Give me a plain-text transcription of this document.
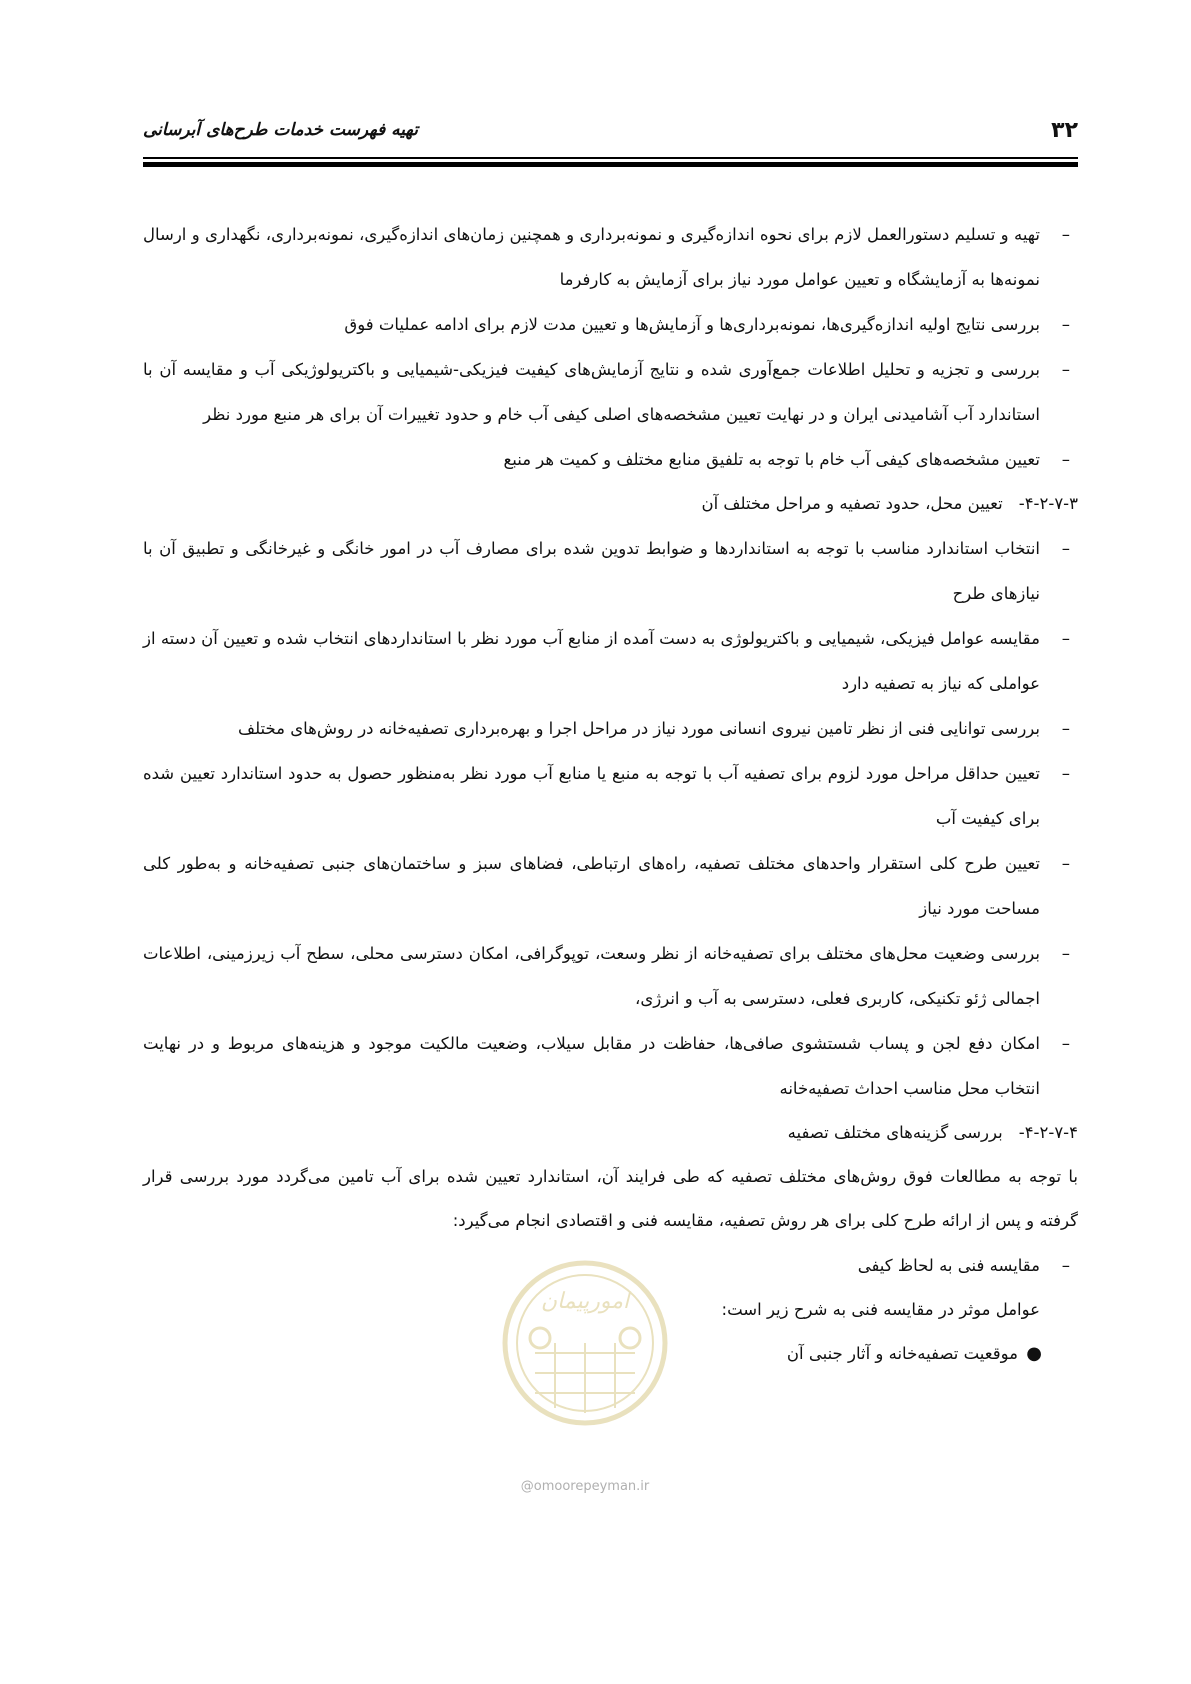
۳۲
تهیه فهرست خدمات طرح‌های آبرسانی
–
تهیه و تسلیم دستورالعمل لازم برای نحوه اندازه‌گیری و نمونه‌برداری و همچنین زمان‌های اندازه‌گیری، نمونه‌برداری، نگهداری و ارسال نمونه‌ها به آزمایشگاه و تعیین عوامل مورد نیاز برای آزمایش به کارفرما
–
بررسی نتایج اولیه اندازه‌گیری‌ها، نمونه‌برداری‌ها و آزمایش‌ها و تعیین مدت لازم برای ادامه عملیات فوق
–
بررسی و تجزیه و تحلیل اطلاعات جمع‌آوری شده و نتایج آزمایش‌های کیفیت فیزیکی-شیمیایی و باکتریولوژیکی آب و مقایسه آن با استاندارد آب آشامیدنی ایران و در نهایت تعیین مشخصه‌های اصلی کیفی آب خام و حدود تغییرات آن برای هر منبع مورد نظر
–
تعیین مشخصه‌های کیفی آب خام با توجه به تلفیق منابع مختلف و کمیت هر منبع
۴-۲-۷-۳-تعیین محل، حدود تصفیه و مراحل مختلف آن
–
انتخاب استاندارد مناسب با توجه به استانداردها و ضوابط تدوین شده برای مصارف آب در امور خانگی و غیرخانگی و تطبیق آن با نیازهای طرح
–
مقایسه عوامل فیزیکی، شیمیایی و باکتریولوژی به دست آمده از منابع آب مورد نظر با استانداردهای انتخاب شده و تعیین آن دسته از عواملی که نیاز به تصفیه دارد
–
بررسی توانایی فنی از نظر تامین نیروی انسانی مورد نیاز در مراحل اجرا و بهره‌برداری تصفیه‌خانه در روش‌های مختلف
–
تعیین حداقل مراحل مورد لزوم برای تصفیه آب با توجه به منبع یا منابع آب مورد نظر به‌منظور حصول به حدود استاندارد تعیین شده برای کیفیت آب
–
تعیین طرح کلی استقرار واحدهای مختلف تصفیه، راه‌های ارتباطی، فضاهای سبز و ساختمان‌های جنبی تصفیه‌خانه و به‌طور کلی مساحت مورد نیاز
–
بررسی وضعیت محل‌های مختلف برای تصفیه‌خانه از نظر وسعت، توپوگرافی، امکان دسترسی محلی، سطح آب زیرزمینی، اطلاعات اجمالی ژئو تکنیکی، کاربری فعلی، دسترسی به آب و انرژی،
–
امکان دفع لجن و پساب شستشوی صافی‌ها، حفاظت در مقابل سیلاب، وضعیت مالکیت موجود و هزینه‌های مربوط و در نهایت انتخاب محل مناسب احداث تصفیه‌خانه
۴-۲-۷-۴-بررسی گزینه‌های مختلف تصفیه
با توجه به مطالعات فوق روش‌های مختلف تصفیه که طی فرایند آن، استاندارد تعیین شده برای آب تامین می‌گردد مورد بررسی قرار گرفته و پس از ارائه طرح کلی برای هر روش تصفیه، مقایسه فنی و اقتصادی انجام می‌گیرد:
–
مقایسه فنی به لحاظ کیفی
عوامل موثر در مقایسه فنی به شرح زیر است:
●
موقعیت تصفیه‌خانه و آثار جنبی آن
امورپیمان
@omoorepeyman.ir
